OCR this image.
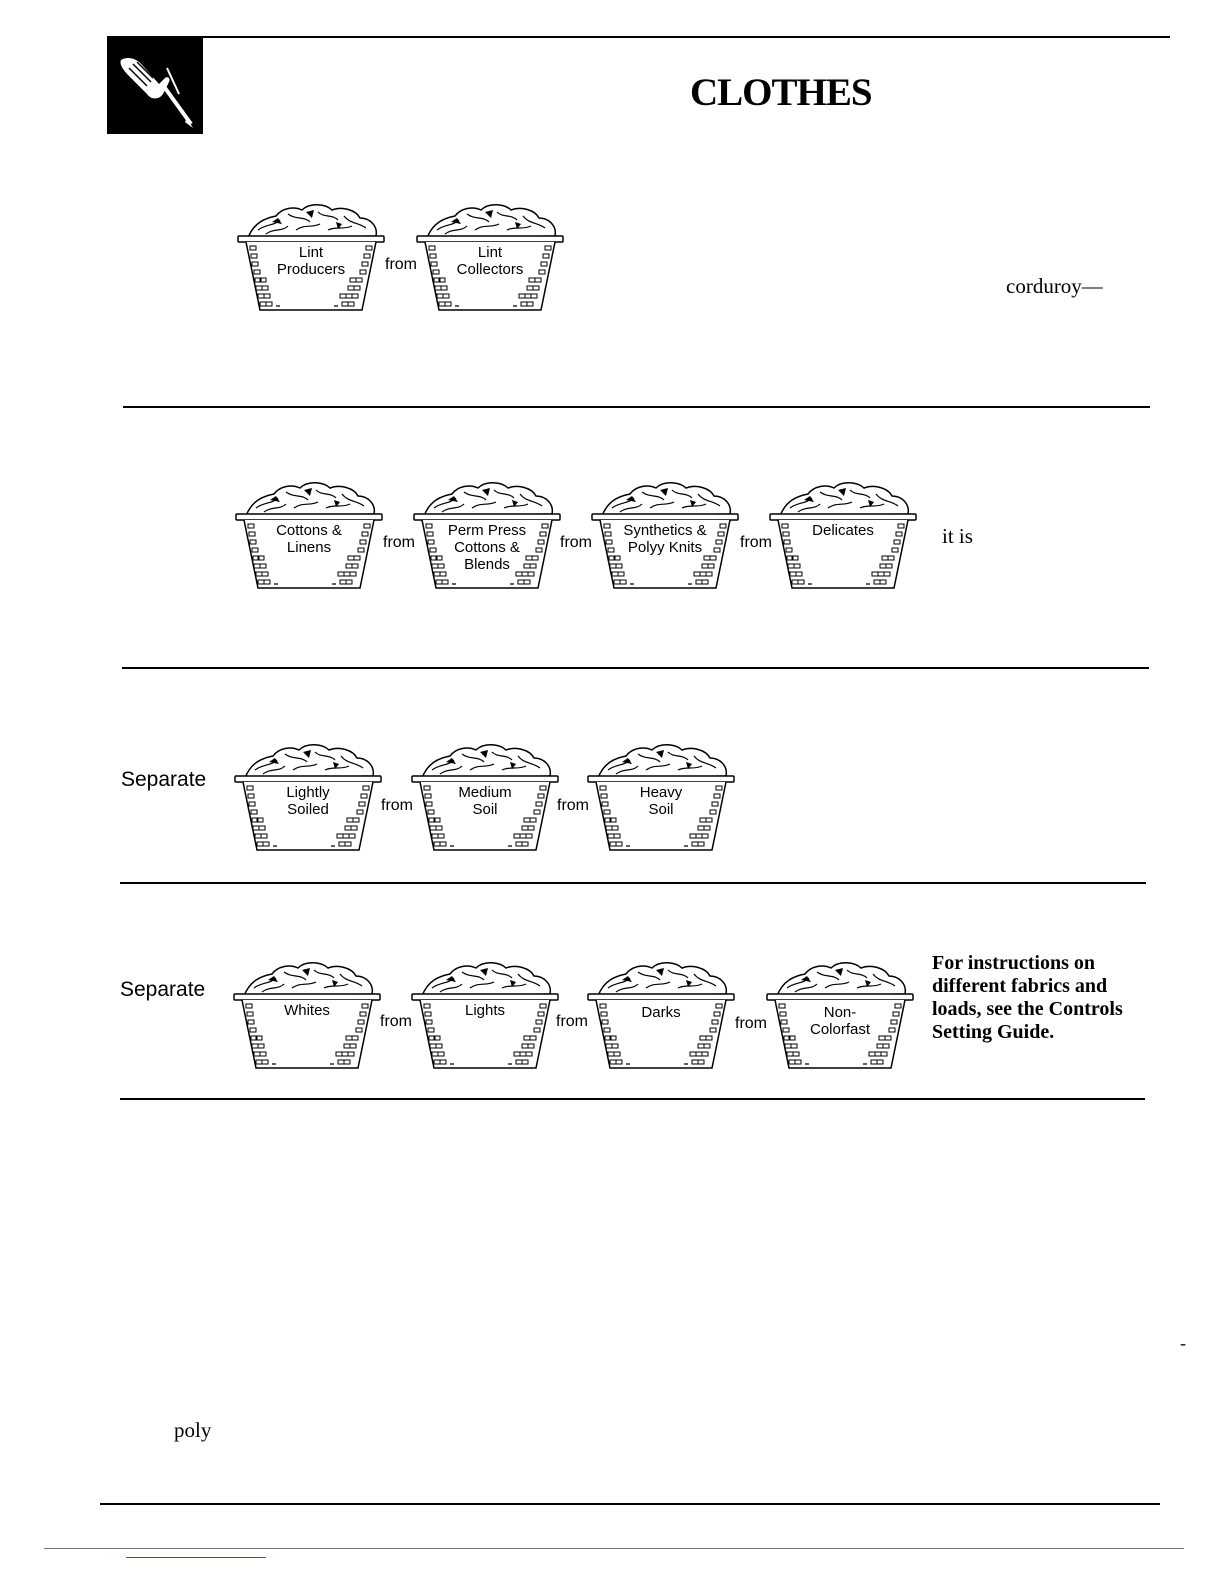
CLOTHES
Lint
Producers	from
Lint
Collectors
corduroy—
Cottons &
Linens	from
Perm Press
Cottons &
Blends
from
Synthetics &
Polyy Knits	from
Delicates	it is
Separate
Lightly
Soiled	from
Medium
Soil	from
Heavy
Soil
Separate
Whites
from
Lights
from
Darks
from
Non-
Colorfast
For instructions on different fabrics and loads, see the Controls Setting Guide.
-
poly
